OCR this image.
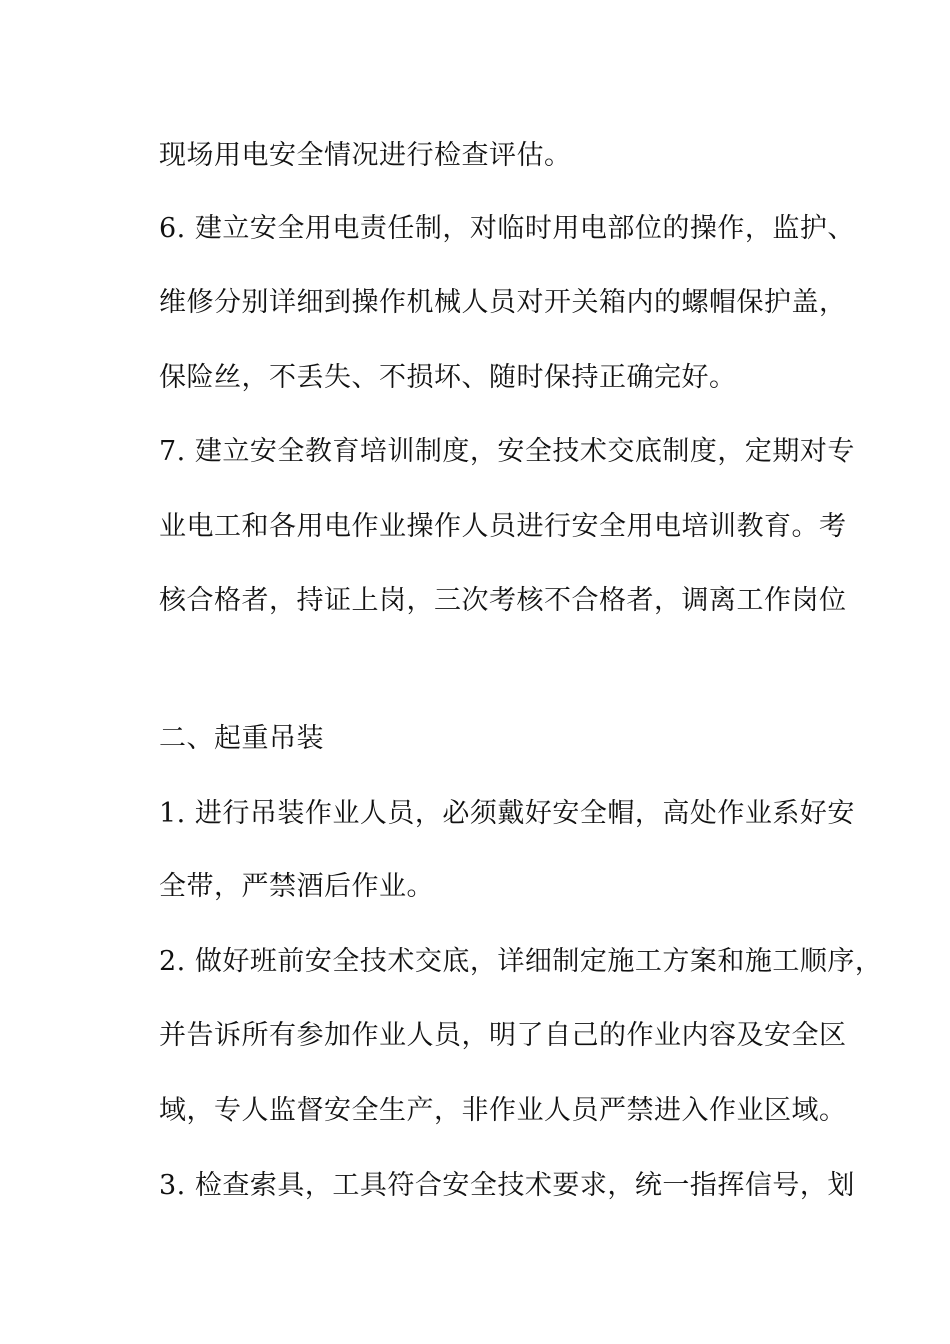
现场用电安全情况进行检查评估。
6. 建立安全用电责任制，对临时用电部位的操作，监护、
维修分别详细到操作机械人员对开关箱内的螺帽保护盖，
保险丝，不丢失、不损坏、随时保持正确完好。
7. 建立安全教育培训制度，安全技术交底制度，定期对专
业电工和各用电作业操作人员进行安全用电培训教育。考
核合格者，持证上岗，三次考核不合格者，调离工作岗位
二、起重吊装
1. 进行吊装作业人员，必须戴好安全帽，高处作业系好安
全带，严禁酒后作业。
2. 做好班前安全技术交底，详细制定施工方案和施工顺序，
并告诉所有参加作业人员，明了自己的作业内容及安全区
域，专人监督安全生产，非作业人员严禁进入作业区域。
3. 检查索具，工具符合安全技术要求，统一指挥信号，划
